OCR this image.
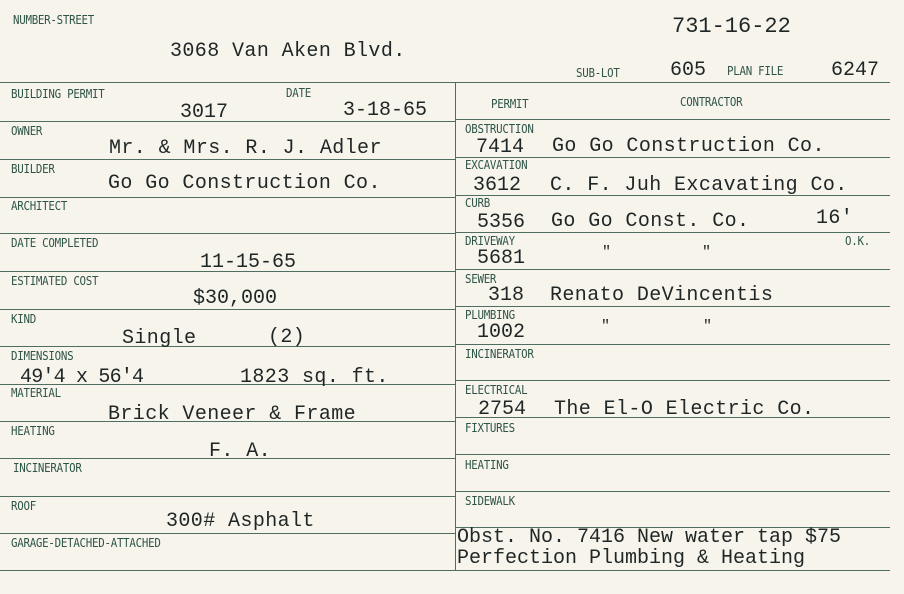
NUMBER-STREET
3068 Van Aken Blvd.
731-16-22
SUB-LOT	605 PLAN FILE 6247
BUILDING PERMIT
3017
DATE
3-18-65
OWNER
Mr. & Mrs. R. J. Adler
BUILDER
Go Go Construction Co.
ARCHITECT
DATE COMPLETED
11-15-65
ESTIMATED COST
$30,000
KIND
Single	(2)
DIMENSIONS
49'4 x 56'4	1823 sq. ft.
MATERIAL
Brick Veneer & Frame
HEATING
F. A.
INCINERATOR
ROOF
300# Asphalt
GARAGE-DETACHED-ATTACHED
PERMIT	CONTRACTOR
OBSTRUCTION
7414 Go Go Construction Co.
EXCAVATION
3612 C. F. Juh Excavating Co.
CURB
5356 Go Go Const. Co.	16'
O.K.
DRIVEWAY
5681	"	"
SEWER
318 Renato DeVincentis
PLUMBING
1002	"	"
INCINERATOR
ELECTRICAL
2754 The El-O Electric Co.
FIXTURES
HEATING
SIDEWALK
Obst. No. 7416 New water tap $75
Perfection Plumbing & Heating
